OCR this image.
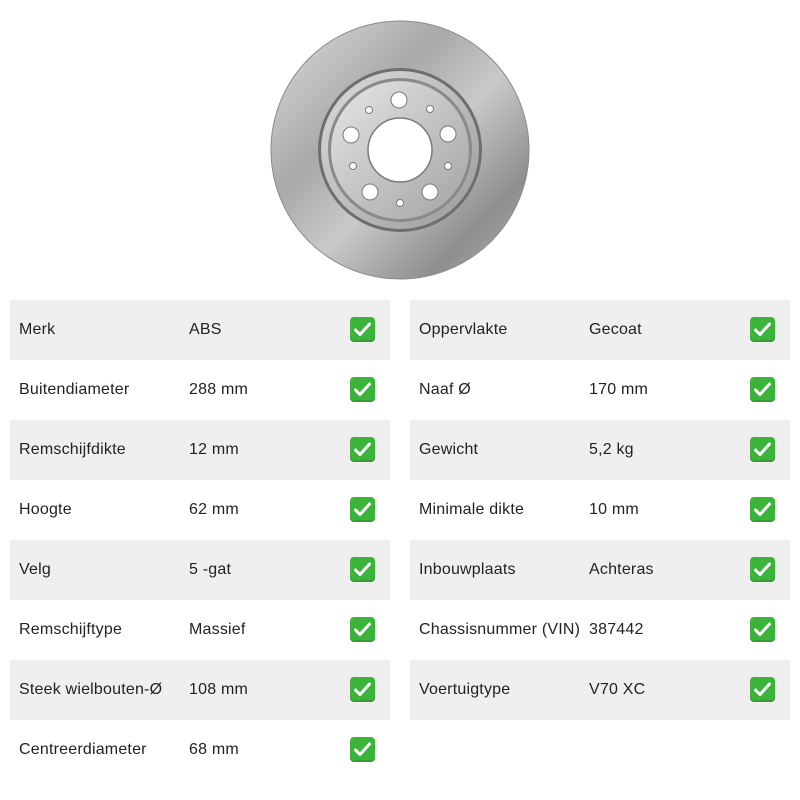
Merk	ABS
Buitendiameter	288 mm
Remschijfdikte	12 mm
Hoogte	62 mm
Velg	5 -gat
Remschijftype	Massief
Steek wielbouten-Ø 108 mm
Centreerdiameter	68 mm
Oppervlakte	Gecoat
Naaf Ø	170 mm
Gewicht	5,2 kg
Minimale dikte	10 mm
Inbouwplaats	Achteras
Chassisnummer (VIN) 387442
Voertuigtype	V70 XC
